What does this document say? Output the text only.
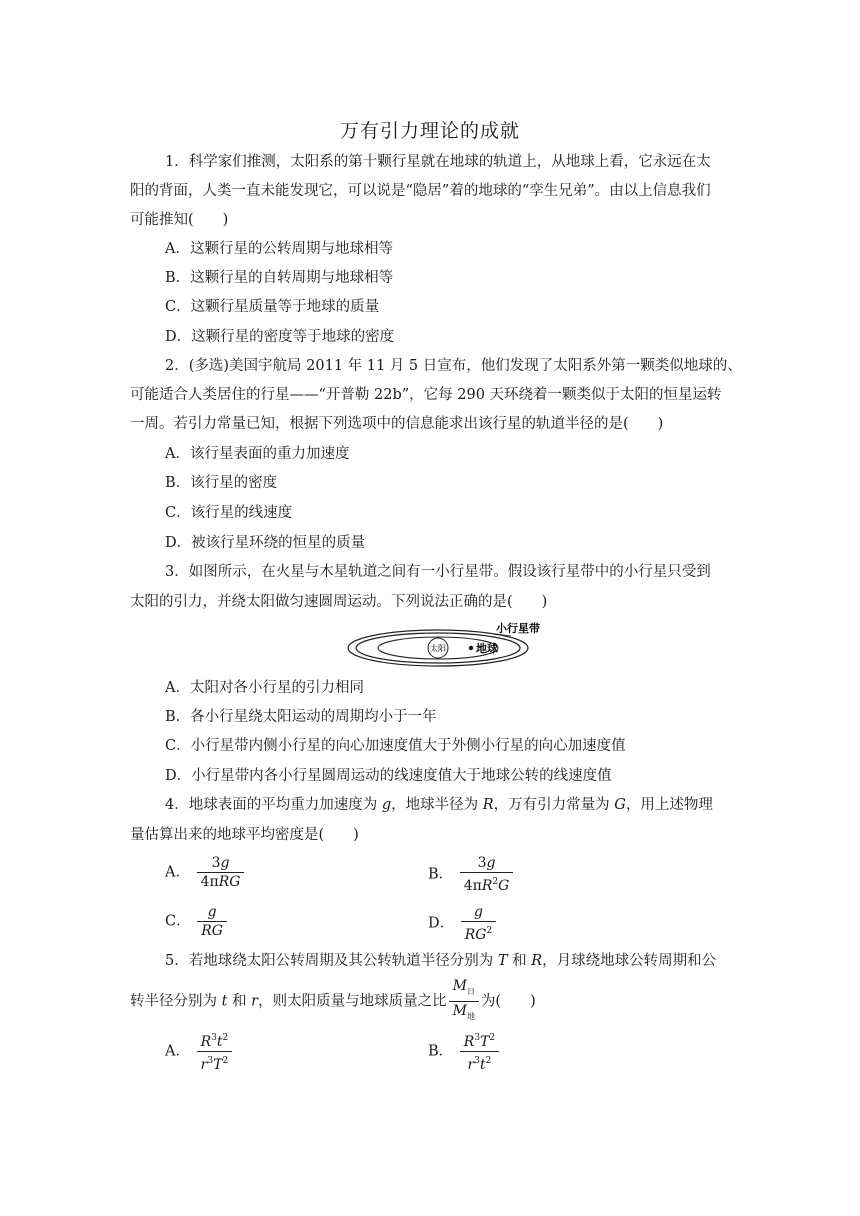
万有引力理论的成就
1．科学家们推测，太阳系的第十颗行星就在地球的轨道上，从地球上看，它永远在太
阳的背面，人类一直未能发现它，可以说是“隐居”着的地球的“孪生兄弟”。由以上信息我们
可能推知(　　)
A．这颗行星的公转周期与地球相等
B．这颗行星的自转周期与地球相等
C．这颗行星质量等于地球的质量
D．这颗行星的密度等于地球的密度
2．(多选)美国宇航局 2011 年 11 月 5 日宣布，他们发现了太阳系外第一颗类似地球的、
可能适合人类居住的行星——“开普勒 22b”，它每 290 天环绕着一颗类似于太阳的恒星运转
一周。若引力常量已知，根据下列选项中的信息能求出该行星的轨道半径的是(　　)
A．该行星表面的重力加速度
B．该行星的密度
C．该行星的线速度
D．被该行星环绕的恒星的质量
3．如图所示，在火星与木星轨道之间有一小行星带。假设该行星带中的小行星只受到
太阳的引力，并绕太阳做匀速圆周运动。下列说法正确的是(　　)
太阳	地球
小行星带
A．太阳对各小行星的引力相同
B．各小行星绕太阳运动的周期均小于一年
C．小行星带内侧小行星的向心加速度值大于外侧小行星的向心加速度值
D．小行星带内各小行星圆周运动的线速度值大于地球公转的线速度值
4．地球表面的平均重力加速度为 g，地球半径为 R，万有引力常量为 G，用上述物理
量估算出来的地球平均密度是(　　)
A． $\frac{3g}{\text{4πRG}}$	B． $\frac{3g}{4\pi R^2G}$
C． $\frac{g}{RG}$	D． $\frac{g}{RG^2}$
5．若地球绕太阳公转周期及其公转轨道半径分别为 T 和 R，月球绕地球公转周期和公
转半径分别为 t 和 r，则太阳质量与地球质量之比 $\frac{M_日}{M_地}$ 为(　　)
A． $\frac{R^3t^2}{r^3T^2}$	B． $\frac{R^3T^2}{r^3t^2}$
